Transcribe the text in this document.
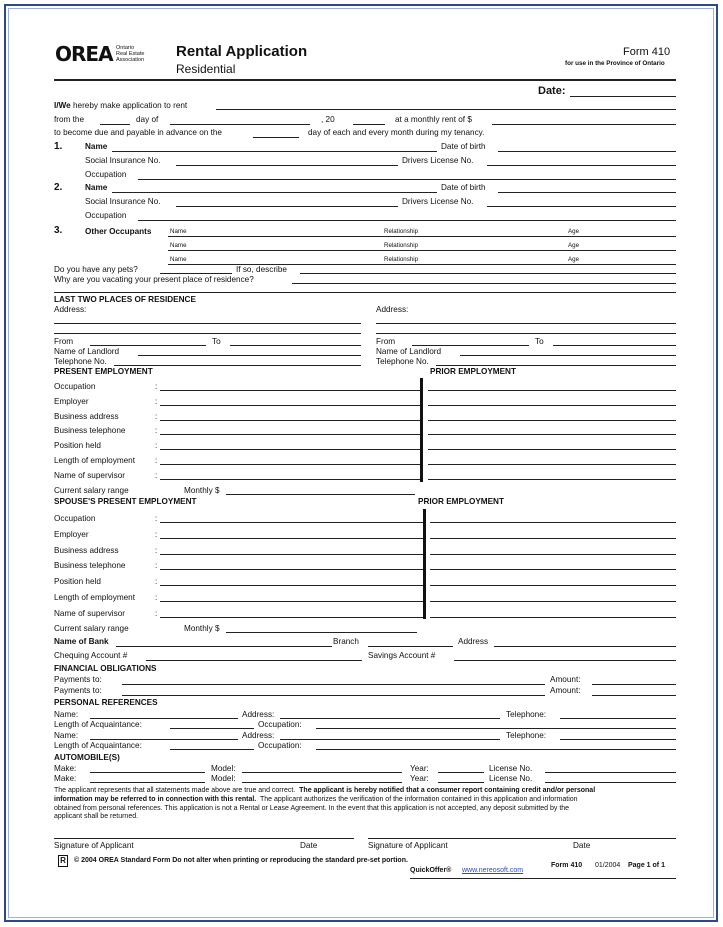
OREA Ontario
Real Estate
Association Rental Application
Residential
Form 410
for use in the Province of Ontario
Date:
I/We hereby make application to rent
from the	day of	, 20	at a monthly rent of $
to become due and payable in advance on the	day of each and every month during my tenancy.
1.	Name	Date of birth
Social Insurance No.	Drivers License No.
Occupation
2.	Name	Date of birth
Social Insurance No.	Drivers License No.
Occupation
3.	Other Occupants	Name	Relationship	Age
Name	Relationship	Age
Name	Relationship	Age
Do you have any pets?	If so, describe
Why are you vacating your present place of residence?
LAST TWO PLACES OF RESIDENCE
Address:	Address:
From	To	From	To
Name of Landlord	Name of Landlord
Telephone No.	Telephone No.
PRESENT EMPLOYMENT	PRIOR EMPLOYMENT
Occupation	:
Employer	:
Business address	:
Business telephone	:
Position held	:
Length of employment :
Name of supervisor	:
Current salary range	Monthly $
SPOUSE'S PRESENT EMPLOYMENT	PRIOR EMPLOYMENT
Occupation	:
Employer	:
Business address	:
Business telephone	:
Position held	:
Length of employment :
Name of supervisor	:
Current salary range	Monthly $
Name of Bank	Branch	Address
Chequing Account #	Savings Account #
FINANCIAL OBLIGATIONS
Payments to:	Amount:
Payments to:	Amount:
PERSONAL REFERENCES
Name:	Address:	Telephone:
Length of Acquaintance:	Occupation:
Name:	Address:	Telephone:
Length of Acquaintance:	Occupation:
AUTOMOBILE(S)
Make:	Model:	Year:	License No.
Make:	Model:	Year:	License No.
The applicant represents that all statements made above are true and correct. The applicant is hereby notified that a consumer report containing credit and/or personal
information may be referred to in connection with this rental. The applicant authorizes the verification of the information contained in this application and information
obtained from personal references. This application is not a Rental or Lease Agreement. In the event that this application is not accepted, any deposit submitted by the
applicant shall be returned.
Signature of Applicant	Date	Signature of Applicant	Date
R	© 2004 OREA Standard Form Do not alter when printing or reproducing the standard pre-set portion.
QuickOffer® www.nereosoft.com
Form 410 01/2004 Page 1 of 1
